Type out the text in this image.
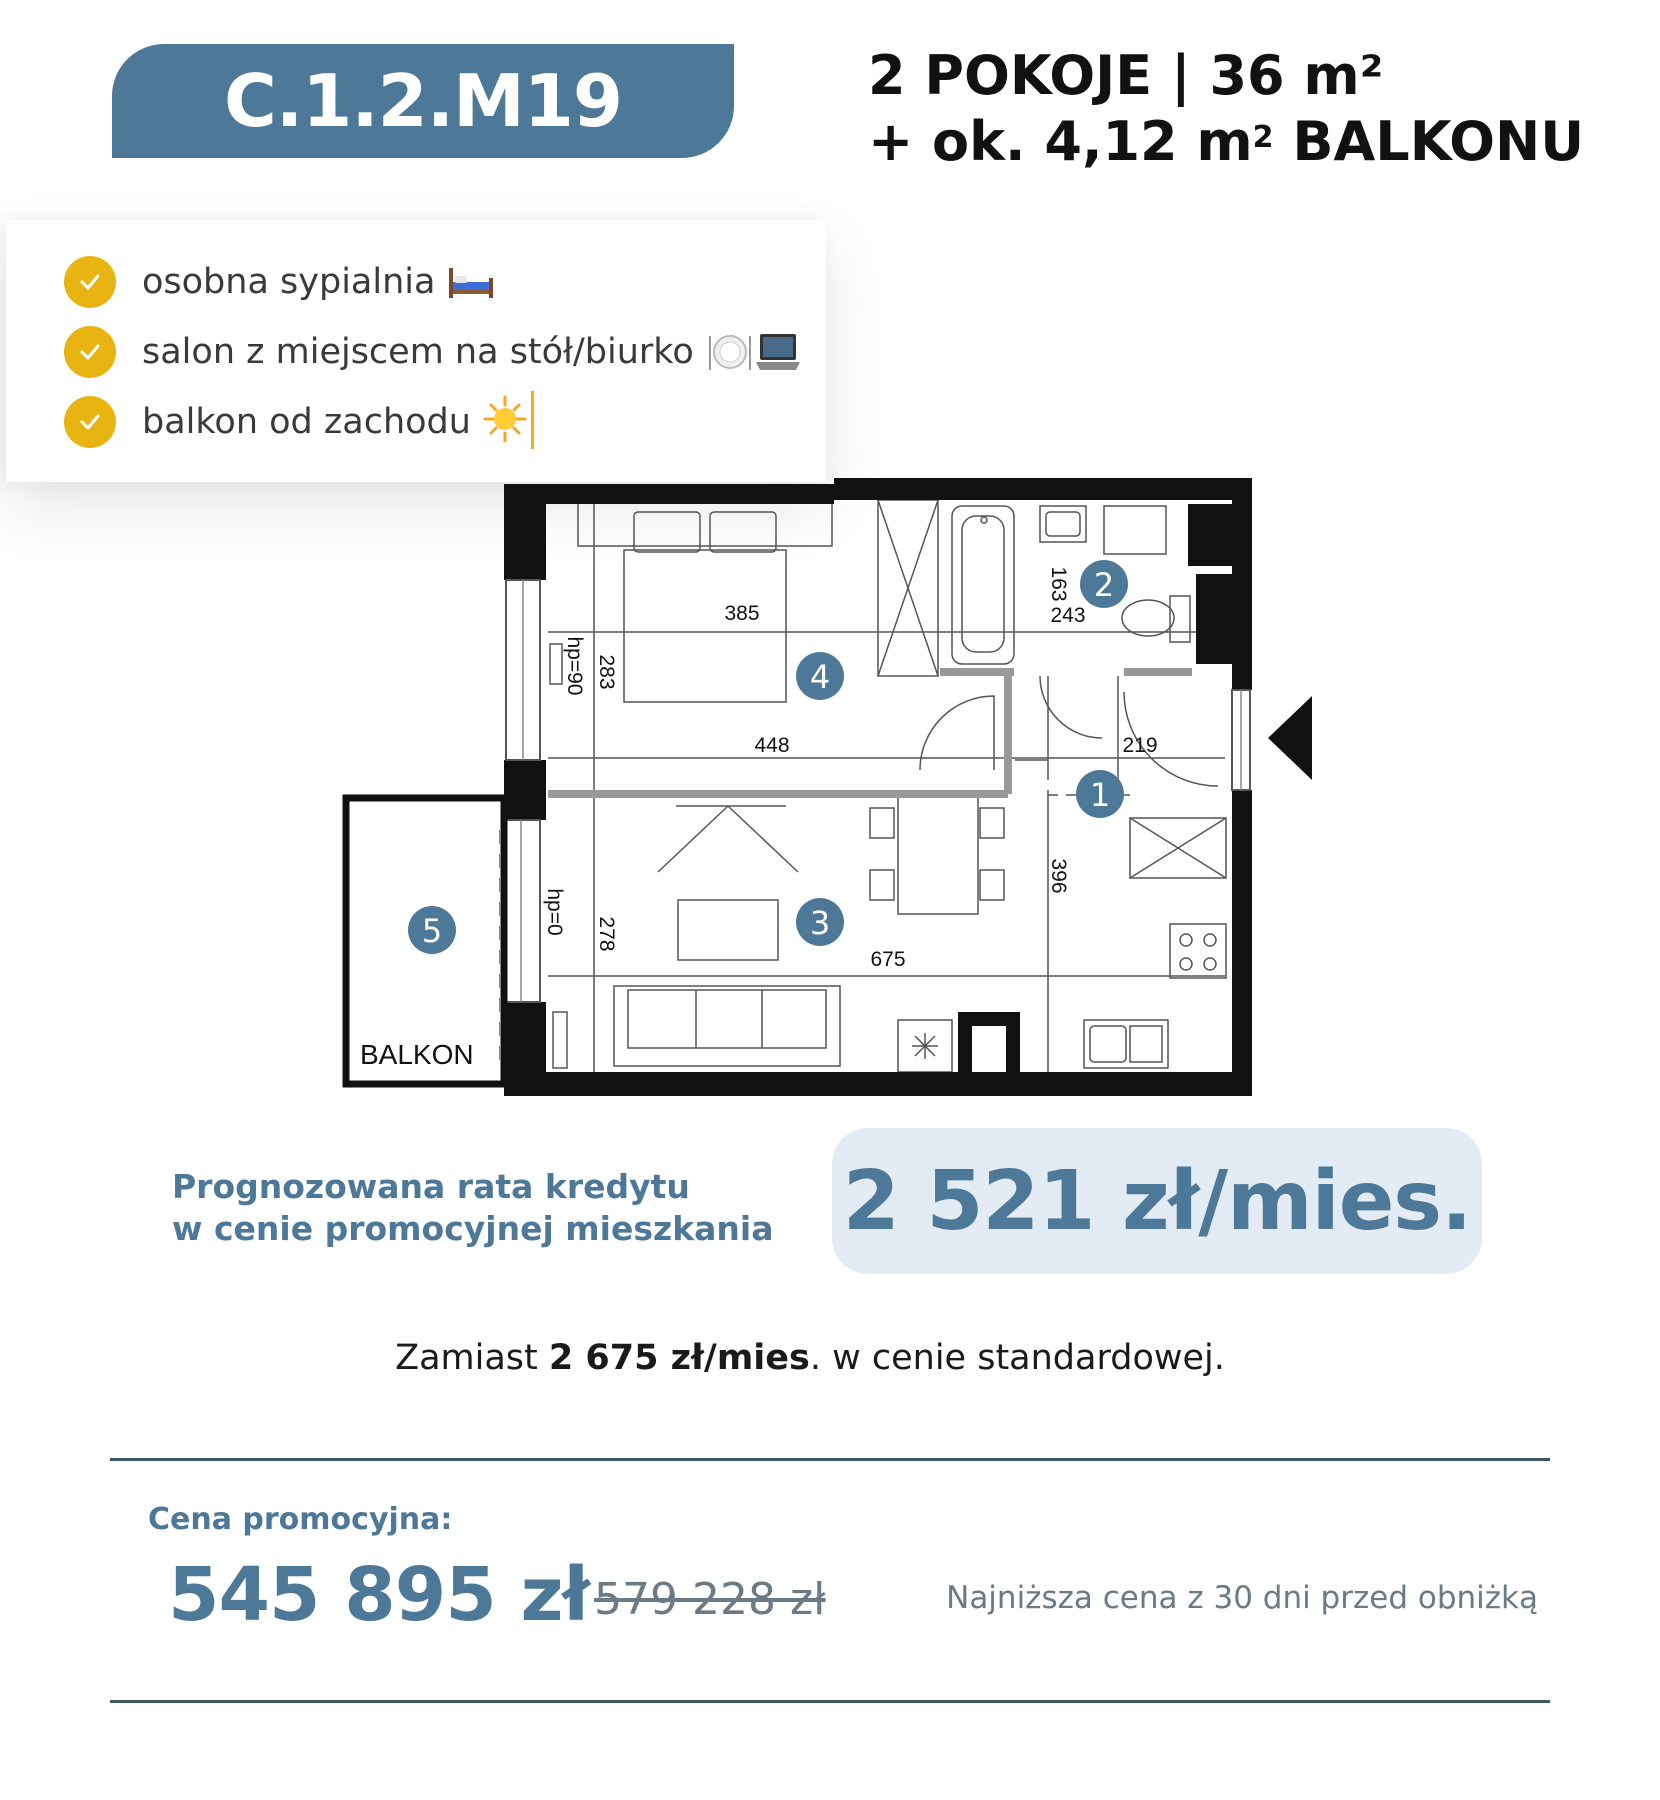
C.1.2.M19	2 POKOJE | 36 m²
+ ok. 4,12 $m^2$ BALKONU
osobna sypialnia
salon z miejscem na stół/biurko
balkon od zachodu
4
2
1
3
5
385
448
283
163
243
219
396
278
675
hp=90
hp=0
BALKON
Prognozowana rata kredytu
w cenie promocyjnej mieszkania 2 521 zł/mies.
Zamiast 2 675 zł/mies. w cenie standardowej.
Cena promocyjna:
545 895 zł 579 228 zł	Najniższa cena z 30 dni przed obniżką
